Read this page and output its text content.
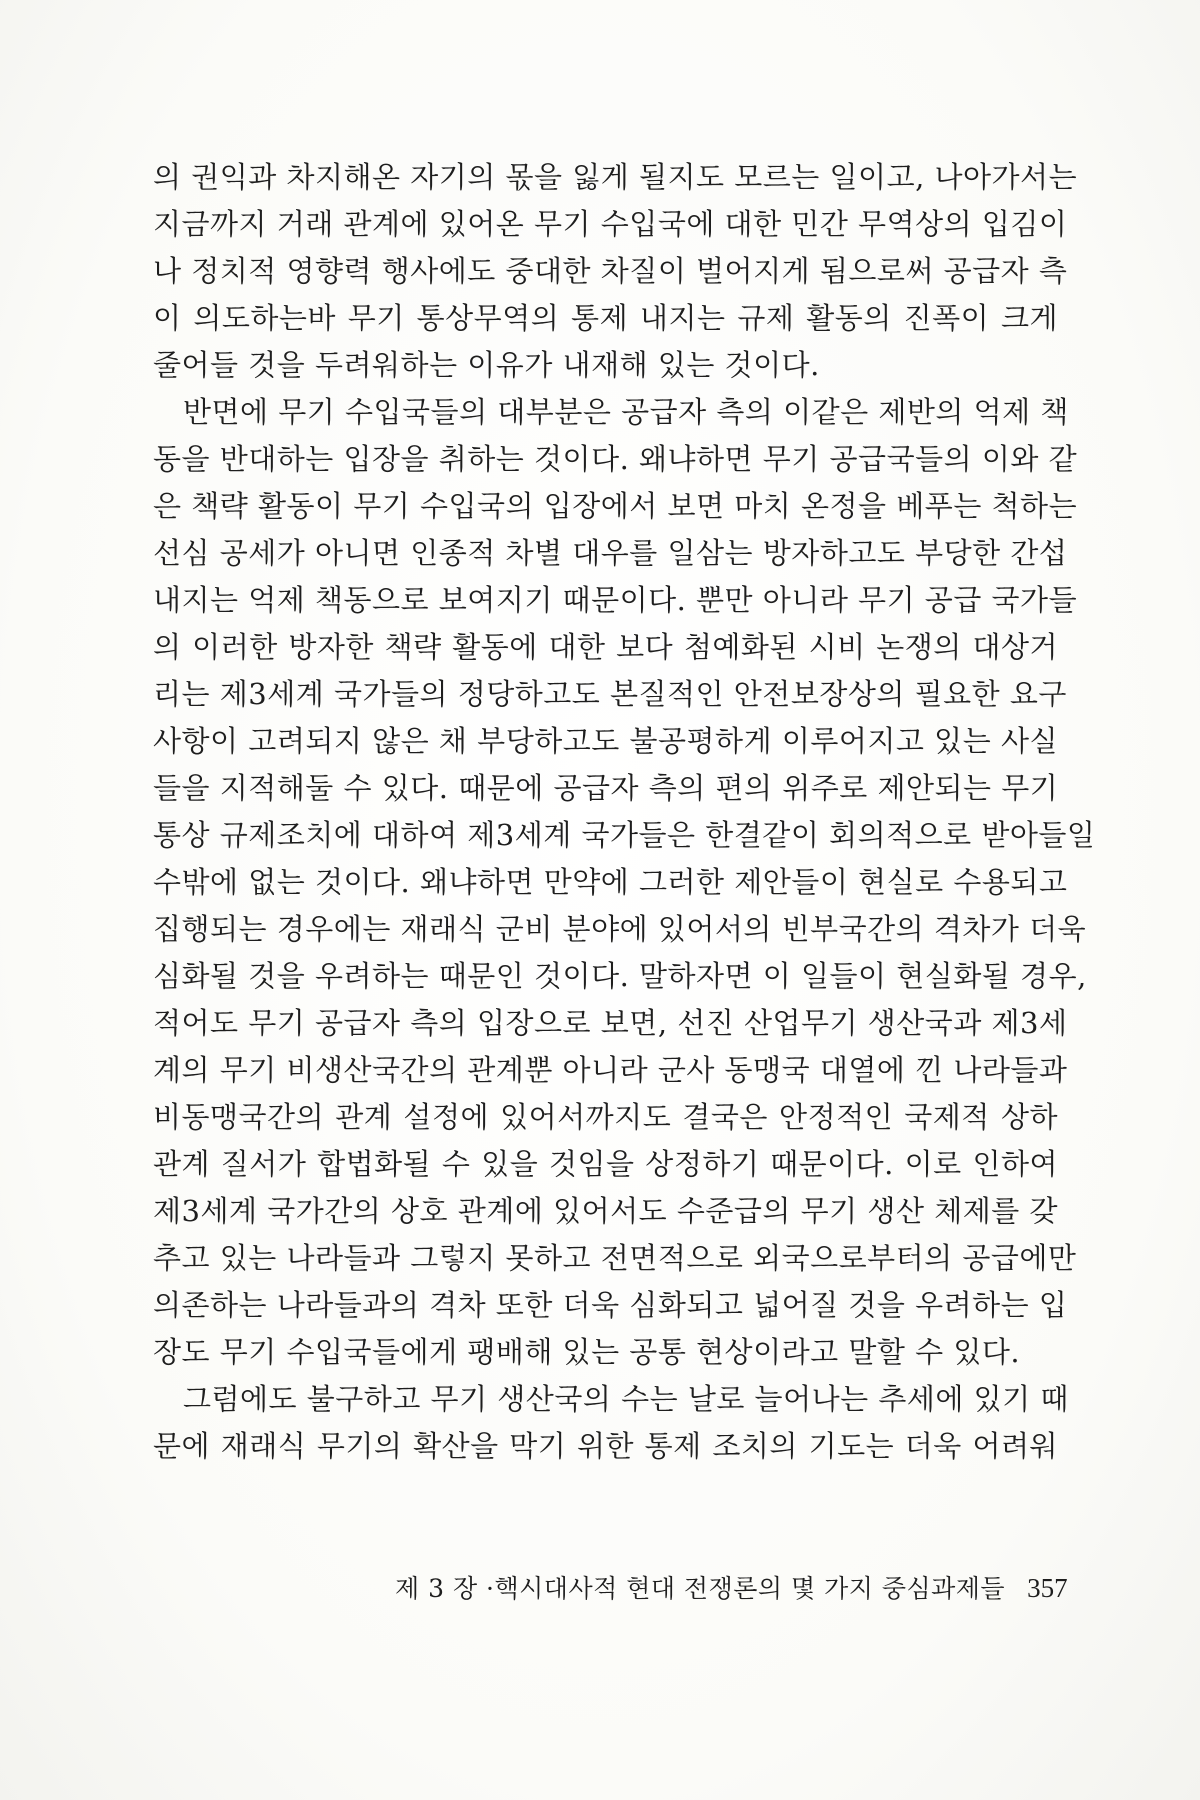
의 권익과 차지해온 자기의 몫을 잃게 될지도 모르는 일이고, 나아가서는
지금까지 거래 관계에 있어온 무기 수입국에 대한 민간 무역상의 입김이
나 정치적 영향력 행사에도 중대한 차질이 벌어지게 됨으로써 공급자 측
이 의도하는바 무기 통상무역의 통제 내지는 규제 활동의 진폭이 크게
줄어들 것을 두려워하는 이유가 내재해 있는 것이다.
반면에 무기 수입국들의 대부분은 공급자 측의 이같은 제반의 억제 책
동을 반대하는 입장을 취하는 것이다. 왜냐하면 무기 공급국들의 이와 같
은 책략 활동이 무기 수입국의 입장에서 보면 마치 온정을 베푸는 척하는
선심 공세가 아니면 인종적 차별 대우를 일삼는 방자하고도 부당한 간섭
내지는 억제 책동으로 보여지기 때문이다. 뿐만 아니라 무기 공급 국가들
의 이러한 방자한 책략 활동에 대한 보다 첨예화된 시비 논쟁의 대상거
리는 제3세계 국가들의 정당하고도 본질적인 안전보장상의 필요한 요구
사항이 고려되지 않은 채 부당하고도 불공평하게 이루어지고 있는 사실
들을 지적해둘 수 있다. 때문에 공급자 측의 편의 위주로 제안되는 무기
통상 규제조치에 대하여 제3세계 국가들은 한결같이 회의적으로 받아들일
수밖에 없는 것이다. 왜냐하면 만약에 그러한 제안들이 현실로 수용되고
집행되는 경우에는 재래식 군비 분야에 있어서의 빈부국간의 격차가 더욱
심화될 것을 우려하는 때문인 것이다. 말하자면 이 일들이 현실화될 경우,
적어도 무기 공급자 측의 입장으로 보면, 선진 산업무기 생산국과 제3세
계의 무기 비생산국간의 관계뿐 아니라 군사 동맹국 대열에 낀 나라들과
비동맹국간의 관계 설정에 있어서까지도 결국은 안정적인 국제적 상하
관계 질서가 합법화될 수 있을 것임을 상정하기 때문이다. 이로 인하여
제3세계 국가간의 상호 관계에 있어서도 수준급의 무기 생산 체제를 갖
추고 있는 나라들과 그렇지 못하고 전면적으로 외국으로부터의 공급에만
의존하는 나라들과의 격차 또한 더욱 심화되고 넓어질 것을 우려하는 입
장도 무기 수입국들에게 팽배해 있는 공통 현상이라고 말할 수 있다.
그럼에도 불구하고 무기 생산국의 수는 날로 늘어나는 추세에 있기 때
문에 재래식 무기의 확산을 막기 위한 통제 조치의 기도는 더욱 어려워
제 3 장 ·핵시대사적 현대 전쟁론의 몇 가지 중심과제들 357
